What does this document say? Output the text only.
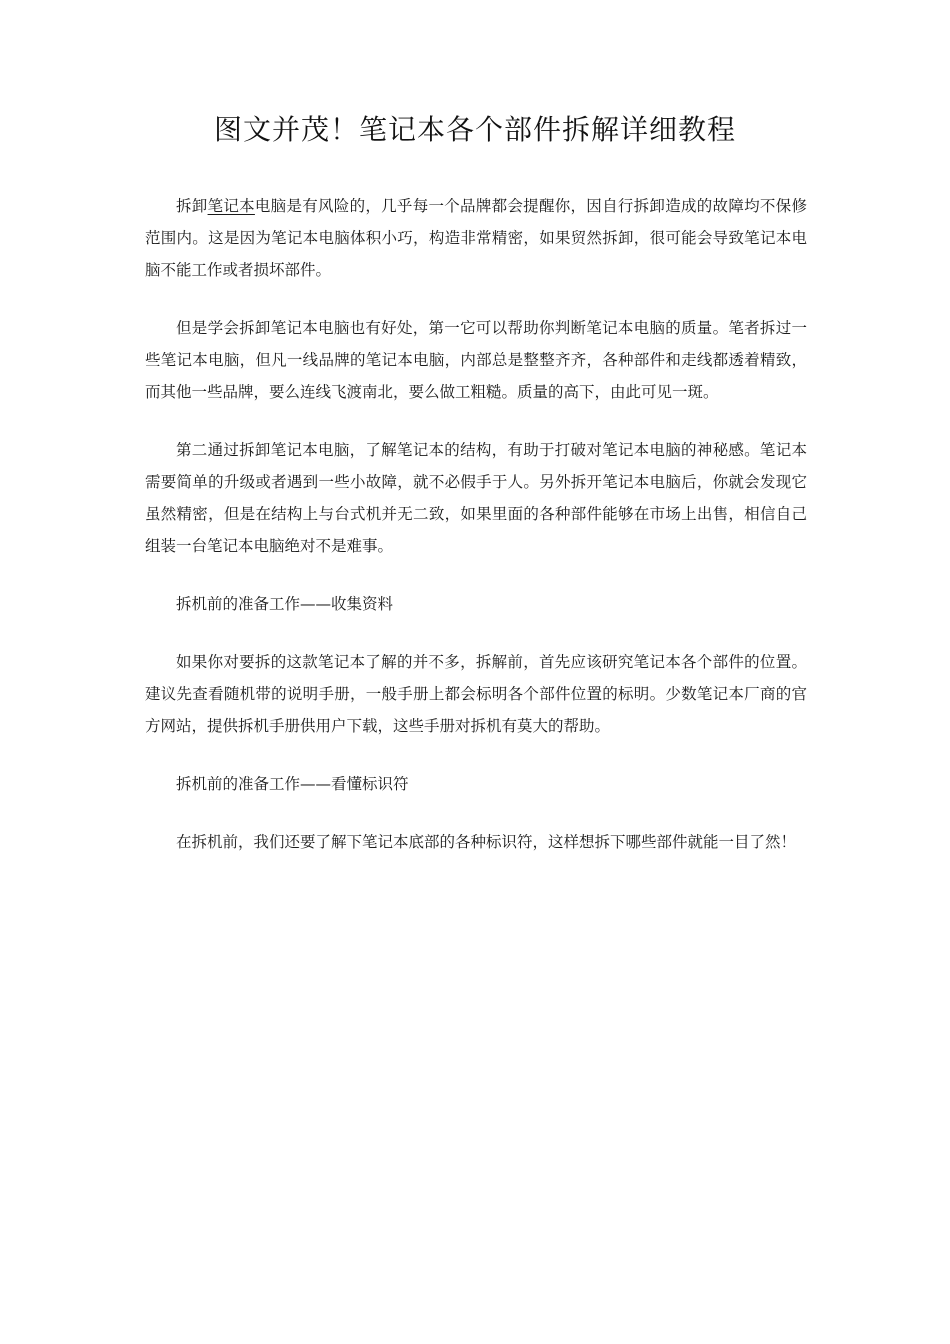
图文并茂！笔记本各个部件拆解详细教程

拆卸笔记本电脑是有风险的，几乎每一个品牌都会提醒你，因自行拆卸造成的故障均不保修范围内。这是因为笔记本电脑体积小巧，构造非常精密，如果贸然拆卸，很可能会导致笔记本电脑不能工作或者损坏部件。

但是学会拆卸笔记本电脑也有好处，第一它可以帮助你判断笔记本电脑的质量。笔者拆过一些笔记本电脑，但凡一线品牌的笔记本电脑，内部总是整整齐齐，各种部件和走线都透着精致，而其他一些品牌，要么连线飞渡南北，要么做工粗糙。质量的高下，由此可见一斑。

第二通过拆卸笔记本电脑，了解笔记本的结构，有助于打破对笔记本电脑的神秘感。笔记本需要简单的升级或者遇到一些小故障，就不必假手于人。另外拆开笔记本电脑后，你就会发现它虽然精密，但是在结构上与台式机并无二致，如果里面的各种部件能够在市场上出售，相信自己组装一台笔记本电脑绝对不是难事。

拆机前的准备工作——收集资料

如果你对要拆的这款笔记本了解的并不多，拆解前，首先应该研究笔记本各个部件的位置。建议先查看随机带的说明手册，一般手册上都会标明各个部件位置的标明。少数笔记本厂商的官方网站，提供拆机手册供用户下载，这些手册对拆机有莫大的帮助。

拆机前的准备工作——看懂标识符

在拆机前，我们还要了解下笔记本底部的各种标识符，这样想拆下哪些部件就能一目了然！
